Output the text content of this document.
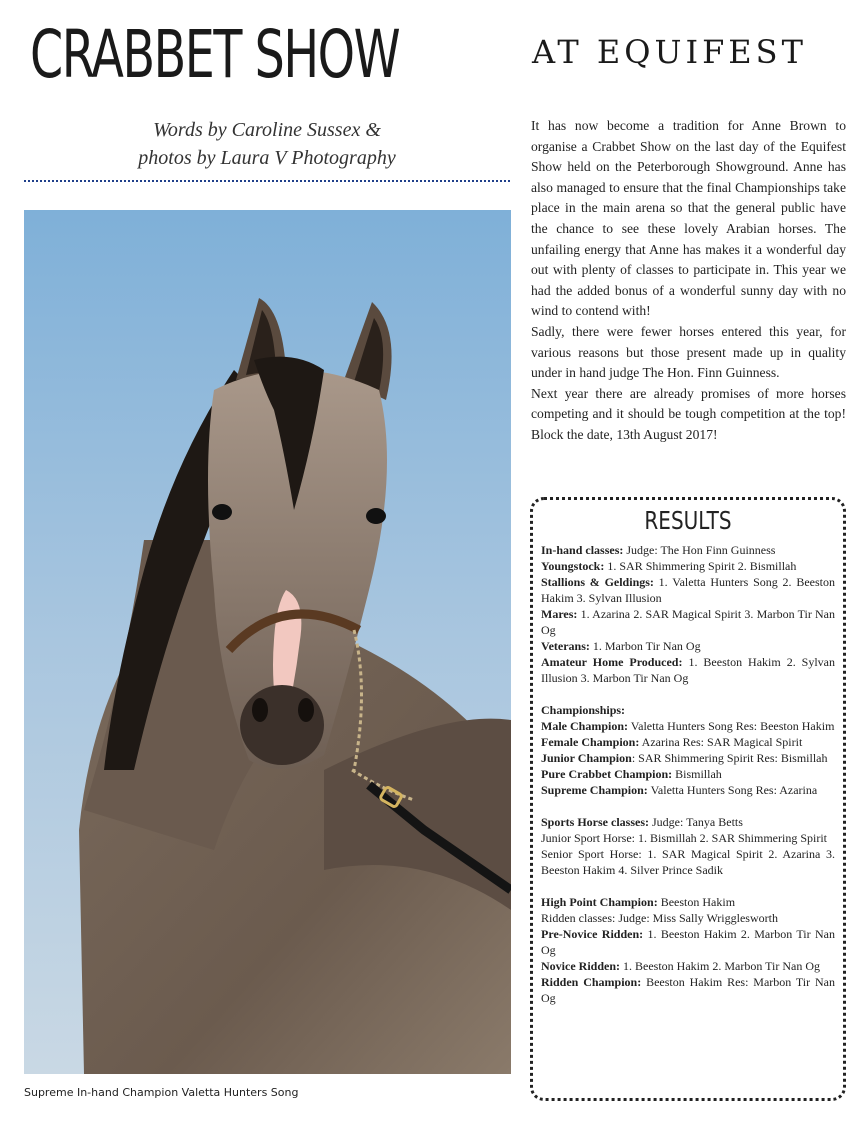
CRABBET SHOW	AT EQUIFEST
Words by Caroline Sussex &
photos by Laura V Photography
Supreme In-hand Champion Valetta Hunters Song

It has now become a tradition for Anne Brown to organise a Crabbet Show on the last day of the Equifest Show held on the Peterborough Showground. Anne has also managed to ensure that the final Championships take place in the main arena so that the general public have the chance to see these lovely Arabian horses. The unfailing energy that Anne has makes it a wonderful day out with plenty of classes to participate in. This year we had the added bonus of a wonderful sunny day with no wind to contend with!

Sadly, there were fewer horses entered this year, for various reasons but those present made up in quality under in hand judge The Hon. Finn Guinness.

Next year there are already promises of more horses competing and it should be tough competition at the top! Block the date, 13th August 2017!

RESULTS
In-hand classes: Judge: The Hon Finn Guinness
Youngstock: 1. SAR Shimmering Spirit 2. Bismillah
Stallions & Geldings: 1. Valetta Hunters Song 2. Beeston Hakim 3. Sylvan Illusion
Mares: 1. Azarina 2. SAR Magical Spirit 3. Marbon Tir Nan Og
Veterans: 1. Marbon Tir Nan Og
Amateur Home Produced: 1. Beeston Hakim 2. Sylvan Illusion 3. Marbon Tir Nan Og
Championships:
Male Champion: Valetta Hunters Song Res: Beeston Hakim
Female Champion: Azarina Res: SAR Magical Spirit
Junior Champion: SAR Shimmering Spirit Res: Bismillah
Pure Crabbet Champion: Bismillah
Supreme Champion: Valetta Hunters Song Res: Azarina
Sports Horse classes: Judge: Tanya Betts
Junior Sport Horse: 1. Bismillah 2. SAR Shimmering Spirit
Senior Sport Horse: 1. SAR Magical Spirit 2. Azarina 3. Beeston Hakim 4. Silver Prince Sadik
High Point Champion: Beeston Hakim
Ridden classes: Judge: Miss Sally Wrigglesworth
Pre-Novice Ridden: 1. Beeston Hakim 2. Marbon Tir Nan Og
Novice Ridden: 1. Beeston Hakim 2. Marbon Tir Nan Og
Ridden Champion: Beeston Hakim Res: Marbon Tir Nan Og
